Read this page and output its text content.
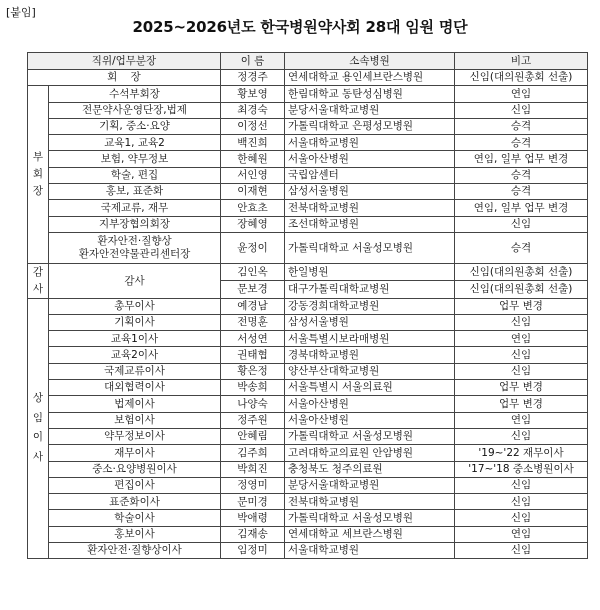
[붙임]
2025~2026년도 한국병원약사회 28대 임원 명단
직위/업무분장		이 름	소속병원	비고
회    장		정경주	연세대학교 용인세브란스병원	신임(대의원총회 선출)
부
회
장	수석부회장	황보영	한림대학교 동탄성심병원	연임
	전문약사운영단장,법제	최경숙	분당서울대학교병원	신임
	기획, 중소·요양	이정선	가톨릭대학교 은평성모병원	승격
	교육1, 교육2	백진희	서울대학교병원	승격
	보험, 약무정보	한혜원	서울아산병원	연임, 일부 업무 변경
	학술, 편집	서인영	국립암센터	승격
	홍보, 표준화	이재현	삼성서울병원	승격
	국제교류, 재무	안효초	전북대학교병원	연임, 일부 업무 변경
	지부장협의회장	장혜영	조선대학교병원	신임
	환자안전·질향상
환자안전약물관리센터장	윤정이	가톨릭대학교 서울성모병원	승격
감
사	감사	김인옥	한일병원	신임(대의원총회 선출)
		문보경	대구가톨릭대학교병원	신임(대의원총회 선출)
상
임
이
사	총무이사	예경남	강동경희대학교병원	업무 변경
	기획이사	전명훈	삼성서울병원	신임
	교육1이사	서성연	서울특별시보라매병원	연임
	교육2이사	권태협	경북대학교병원	신임
	국제교류이사	황은정	양산부산대학교병원	신임
	대외협력이사	박송희	서울특별시 서울의료원	업무 변경
	법제이사	나양숙	서울아산병원	업무 변경
	보험이사	정주원	서울아산병원	연임
	약무정보이사	안혜림	가톨릭대학교 서울성모병원	신임
	재무이사	김주희	고려대학교의료원 안암병원	'19~'22 재무이사
	중소·요양병원이사	박희진	충청북도 청주의료원	'17~'18 중소병원이사
	편집이사	정영미	분당서울대학교병원	신임
	표준화이사	문미경	전북대학교병원	신임
	학술이사	박애령	가톨릭대학교 서울성모병원	신임
	홍보이사	김재송	연세대학교 세브란스병원	연임
	환자안전·질향상이사	임정미	서울대학교병원	신임
